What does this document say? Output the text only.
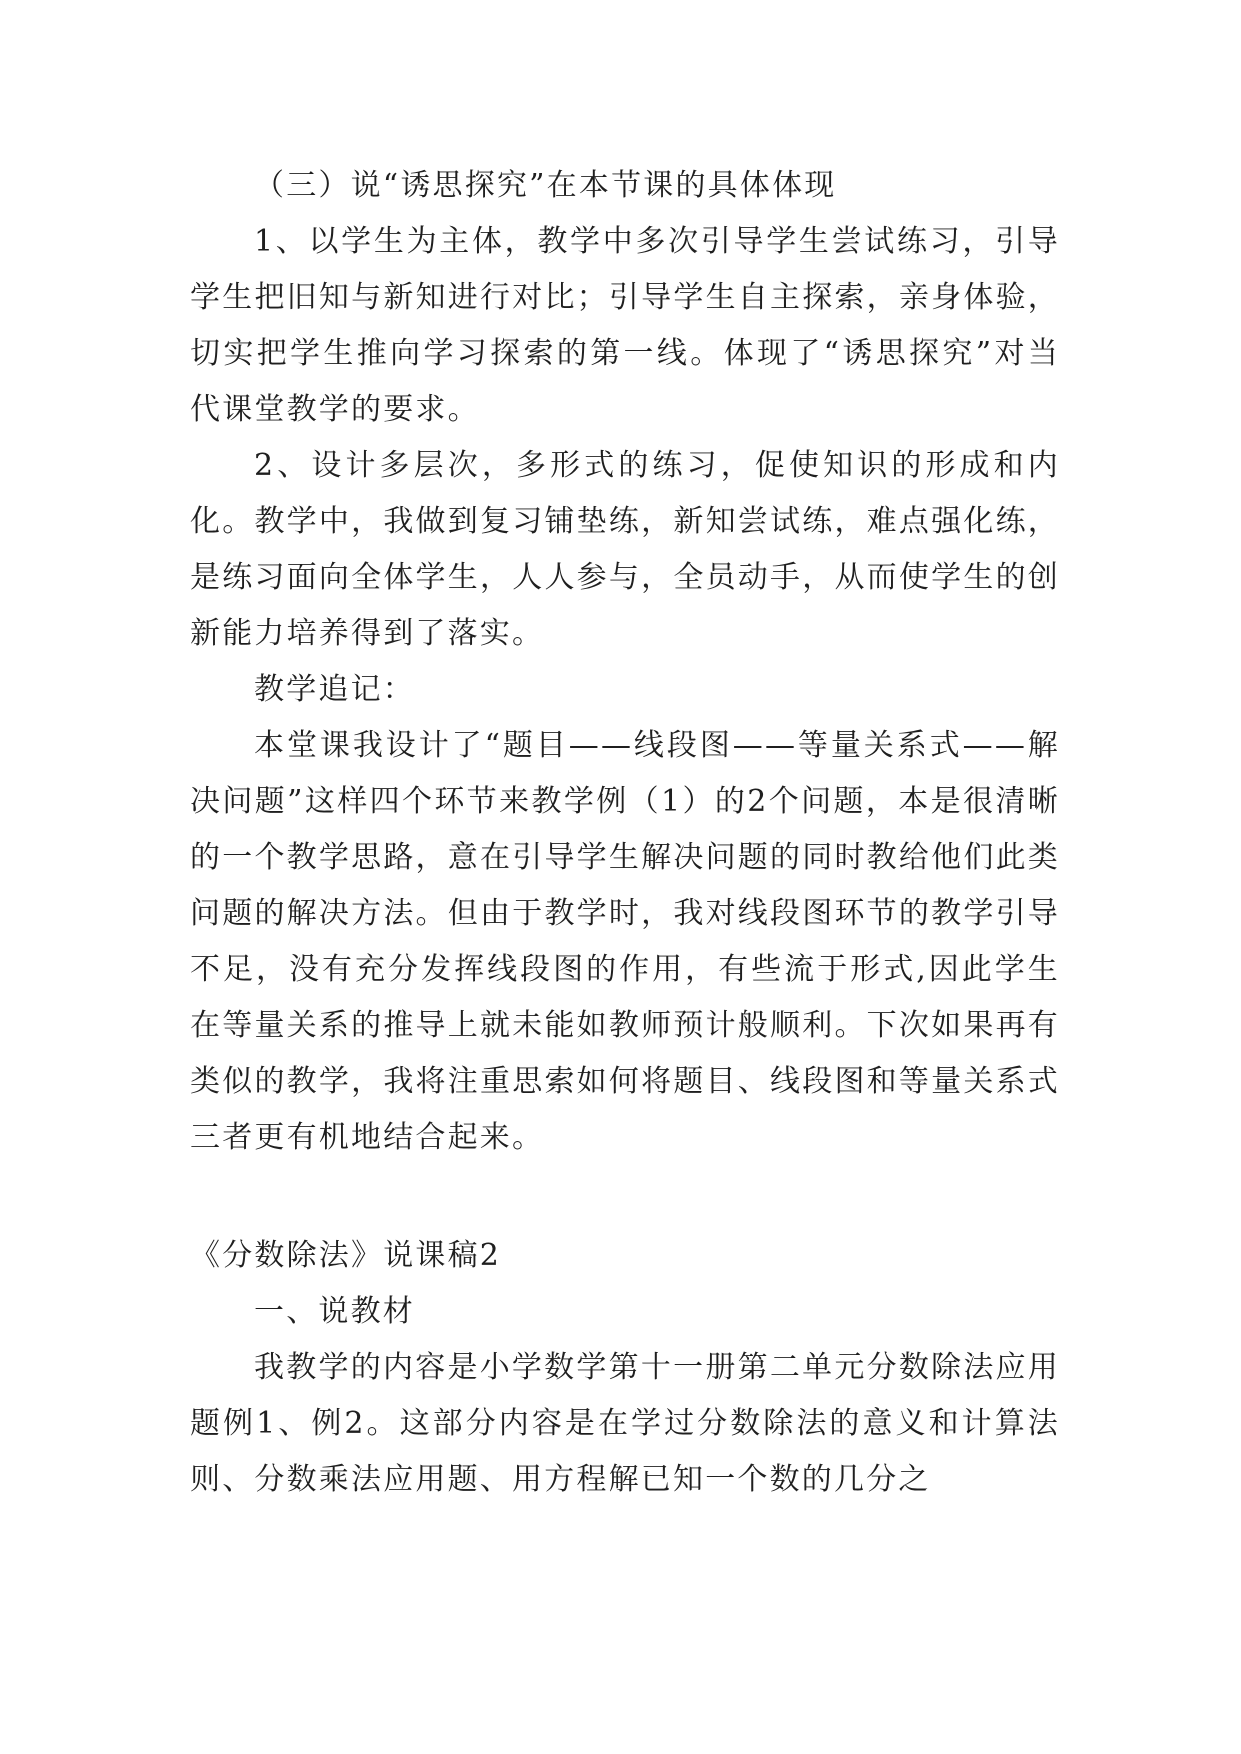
（三）说“诱思探究”在本节课的具体体现

1、以学生为主体，教学中多次引导学生尝试练习，引导学生把旧知与新知进行对比；引导学生自主探索，亲身体验，切实把学生推向学习探索的第一线。体现了“诱思探究”对当代课堂教学的要求。

2、设计多层次，多形式的练习，促使知识的形成和内化。教学中，我做到复习铺垫练，新知尝试练，难点强化练，是练习面向全体学生，人人参与，全员动手，从而使学生的创新能力培养得到了落实。

教学追记：

本堂课我设计了“题目——线段图——等量关系式——解决问题”这样四个环节来教学例（1）的2个问题，本是很清晰的一个教学思路，意在引导学生解决问题的同时教给他们此类问题的解决方法。但由于教学时，我对线段图环节的教学引导不足，没有充分发挥线段图的作用，有些流于形式,因此学生在等量关系的推导上就未能如教师预计般顺利。下次如果再有类似的教学，我将注重思索如何将题目、线段图和等量关系式三者更有机地结合起来。

《分数除法》说课稿2

一、说教材

我教学的内容是小学数学第十一册第二单元分数除法应用题例1、例2。这部分内容是在学过分数除法的意义和计算法则、分数乘法应用题、用方程解已知一个数的几分之
